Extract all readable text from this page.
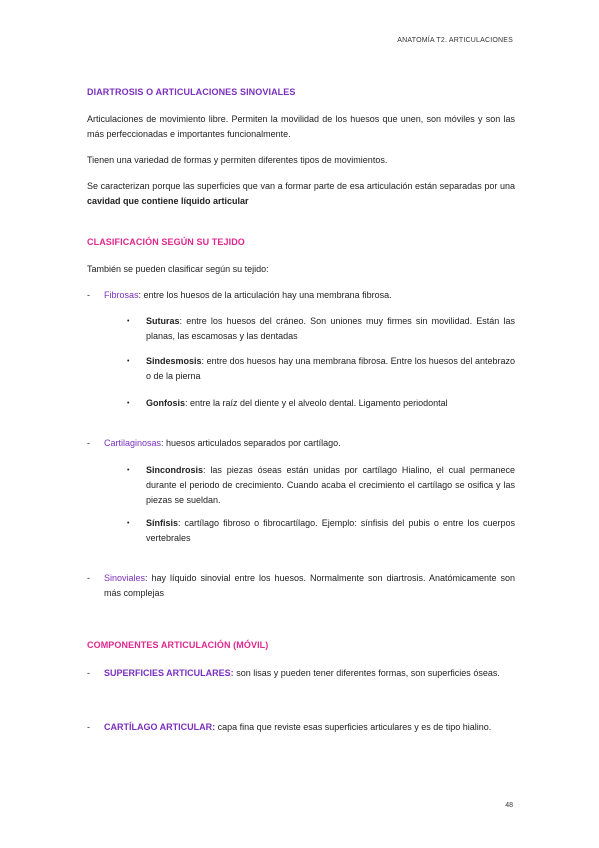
ANATOMÍA T2. ARTICULACIONES
DIARTROSIS O ARTICULACIONES SINOVIALES

Articulaciones de movimiento libre. Permiten la movilidad de los huesos que unen, son móviles y son las más perfeccionadas e importantes funcionalmente.

Tienen una variedad de formas y permiten diferentes tipos de movimientos.

Se caracterizan porque las superficies que van a formar parte de esa articulación están separadas por una cavidad que contiene líquido articular

CLASIFICACIÓN SEGÚN SU TEJIDO

También se pueden clasificar según su tejido:

- Fibrosas: entre los huesos de la articulación hay una membrana fibrosa.
• Suturas: entre los huesos del cráneo. Son uniones muy firmes sin movilidad. Están las planas, las escamosas y las dentadas
• Sindesmosis: entre dos huesos hay una membrana fibrosa. Entre los huesos del antebrazo o de la pierna
• Gonfosis: entre la raíz del diente y el alveolo dental. Ligamento periodontal
- Cartilaginosas: huesos articulados separados por cartílago.
• Sincondrosis: las piezas óseas están unidas por cartílago Hialino, el cual permanece durante el periodo de crecimiento. Cuando acaba el crecimiento el cartílago se osifica y las piezas se sueldan.
• Sínfisis: cartílago fibroso o fibrocartílago. Ejemplo: sínfisis del pubis o entre los cuerpos vertebrales
- Sinoviales: hay líquido sinovial entre los huesos. Normalmente son diartrosis. Anatómicamente son más complejas
COMPONENTES ARTICULACIÓN (MÓVIL)
- SUPERFICIES ARTICULARES: son lisas y pueden tener diferentes formas, son superficies óseas.
- CARTÍLAGO ARTICULAR: capa fina que reviste esas superficies articulares y es de tipo hialino.
48
